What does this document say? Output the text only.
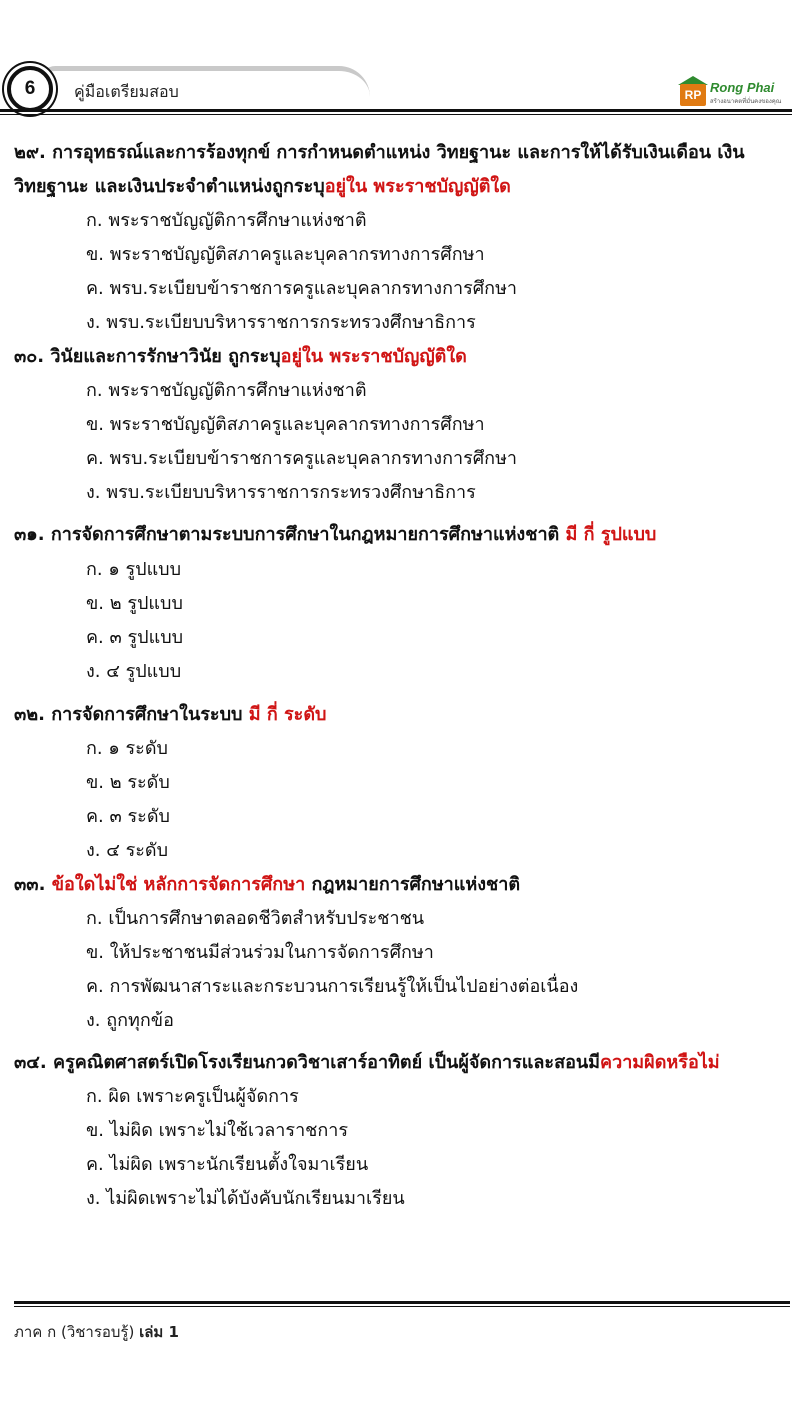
6	คู่มือเตรียมสอบ	RP Rong Phai
สร้างอนาคตที่มั่นคงของคุณ
๒๙. การอุทธรณ์และการร้องทุกข์ การกำหนดตำแหน่ง วิทยฐานะ และการให้ได้รับเงินเดือน เงิน
วิทยฐานะ และเงินประจำตำแหน่งถูกระบุอยู่ใน พระราชบัญญัติใด
ก. พระราชบัญญัติการศึกษาแห่งชาติ
ข. พระราชบัญญัติสภาครูและบุคลากรทางการศึกษา
ค. พรบ.ระเบียบข้าราชการครูและบุคลากรทางการศึกษา
ง. พรบ.ระเบียบบริหารราชการกระทรวงศึกษาธิการ
๓๐. วินัยและการรักษาวินัย ถูกระบุอยู่ใน พระราชบัญญัติใด
ก. พระราชบัญญัติการศึกษาแห่งชาติ
ข. พระราชบัญญัติสภาครูและบุคลากรทางการศึกษา
ค. พรบ.ระเบียบข้าราชการครูและบุคลากรทางการศึกษา
ง. พรบ.ระเบียบบริหารราชการกระทรวงศึกษาธิการ
๓๑. การจัดการศึกษาตามระบบการศึกษาในกฎหมายการศึกษาแห่งชาติ มี กี่ รูปแบบ
ก. ๑ รูปแบบ
ข. ๒ รูปแบบ
ค. ๓ รูปแบบ
ง. ๔ รูปแบบ
๓๒. การจัดการศึกษาในระบบ มี กี่ ระดับ
ก. ๑ ระดับ
ข. ๒ ระดับ
ค. ๓ ระดับ
ง. ๔ ระดับ
๓๓. ข้อใดไม่ใช่ หลักการจัดการศึกษา กฎหมายการศึกษาแห่งชาติ
ก. เป็นการศึกษาตลอดชีวิตสำหรับประชาชน
ข. ให้ประชาชนมีส่วนร่วมในการจัดการศึกษา
ค. การพัฒนาสาระและกระบวนการเรียนรู้ให้เป็นไปอย่างต่อเนื่อง
ง. ถูกทุกข้อ
๓๔. ครูคณิตศาสตร์เปิดโรงเรียนกวดวิชาเสาร์อาทิตย์ เป็นผู้จัดการและสอนมีความผิดหรือไม่
ก. ผิด เพราะครูเป็นผู้จัดการ
ข. ไม่ผิด เพราะไม่ใช้เวลาราชการ
ค. ไม่ผิด เพราะนักเรียนตั้งใจมาเรียน
ง. ไม่ผิดเพราะไม่ได้บังคับนักเรียนมาเรียน
ภาค ก (วิชารอบรู้) เล่ม 1
